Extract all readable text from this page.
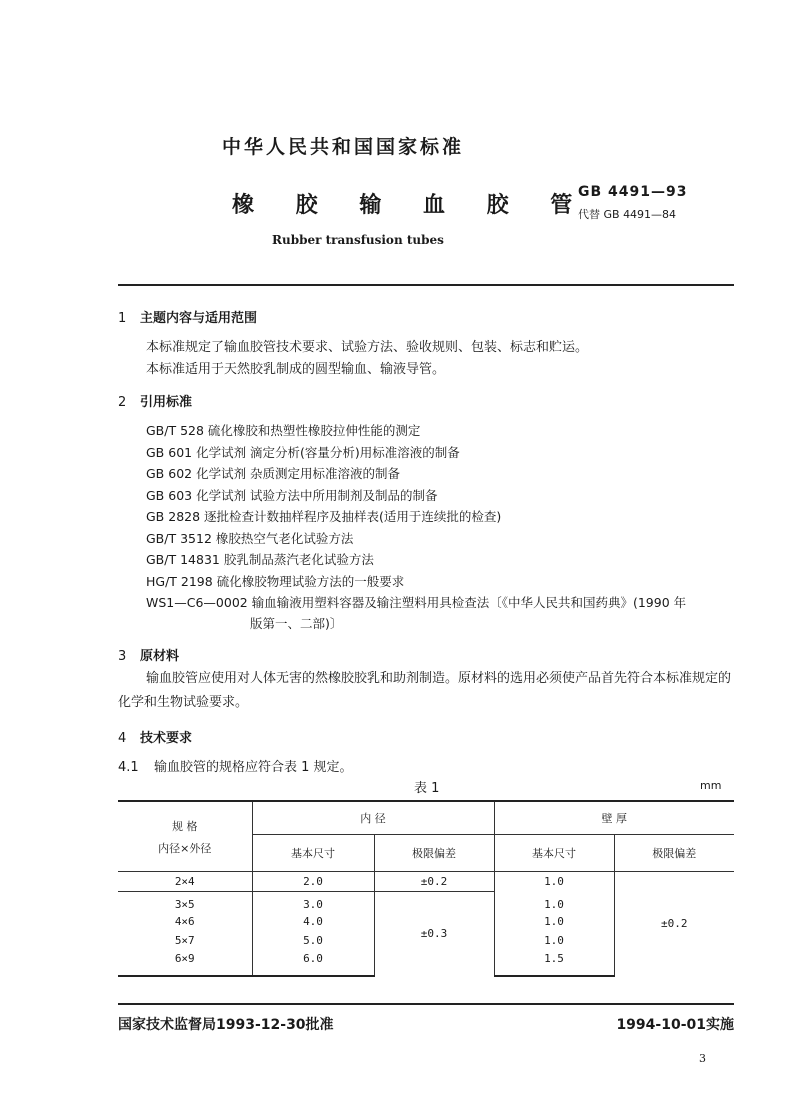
中华人民共和国国家标准
橡 胶 输 血 胶 管
Rubber transfusion tubes
GB 4491—93
代替 GB 4491—84
1 主题内容与适用范围
本标准规定了输血胶管技术要求、试验方法、验收规则、包装、标志和贮运。
本标准适用于天然胶乳制成的圆型输血、输液导管。
2 引用标准
GB/T 528 硫化橡胶和热塑性橡胶拉伸性能的测定
GB 601 化学试剂 滴定分析(容量分析)用标准溶液的制备
GB 602 化学试剂 杂质测定用标准溶液的制备
GB 603 化学试剂 试验方法中所用制剂及制品的制备
GB 2828 逐批检查计数抽样程序及抽样表(适用于连续批的检查)
GB/T 3512 橡胶热空气老化试验方法
GB/T 14831 胶乳制品蒸汽老化试验方法
HG/T 2198 硫化橡胶物理试验方法的一般要求
WS1—C6—0002 输血输液用塑料容器及输注塑料用具检查法〔《中华人民共和国药典》(1990 年
版第一、二部)〕
3 原材料
输血胶管应使用对人体无害的然橡胶胶乳和助剂制造。原材料的选用必须使产品首先符合本标准规定的化学和生物试验要求。
4 技术要求
4.1 输血胶管的规格应符合表 1 规定。
表 1	mm
规 格
内径×外径	内 径		壁 厚	
	基本尺寸	极限偏差	基本尺寸	极限偏差
2×4	2.0	±0.2	1.0	±0.2
3×5	3.0	±0.3	1.0	
4×6	4.0		1.0	
5×7	5.0		1.0	
6×9	6.0		1.5	
国家技术监督局1993-12-30批准	1994-10-01实施
3
